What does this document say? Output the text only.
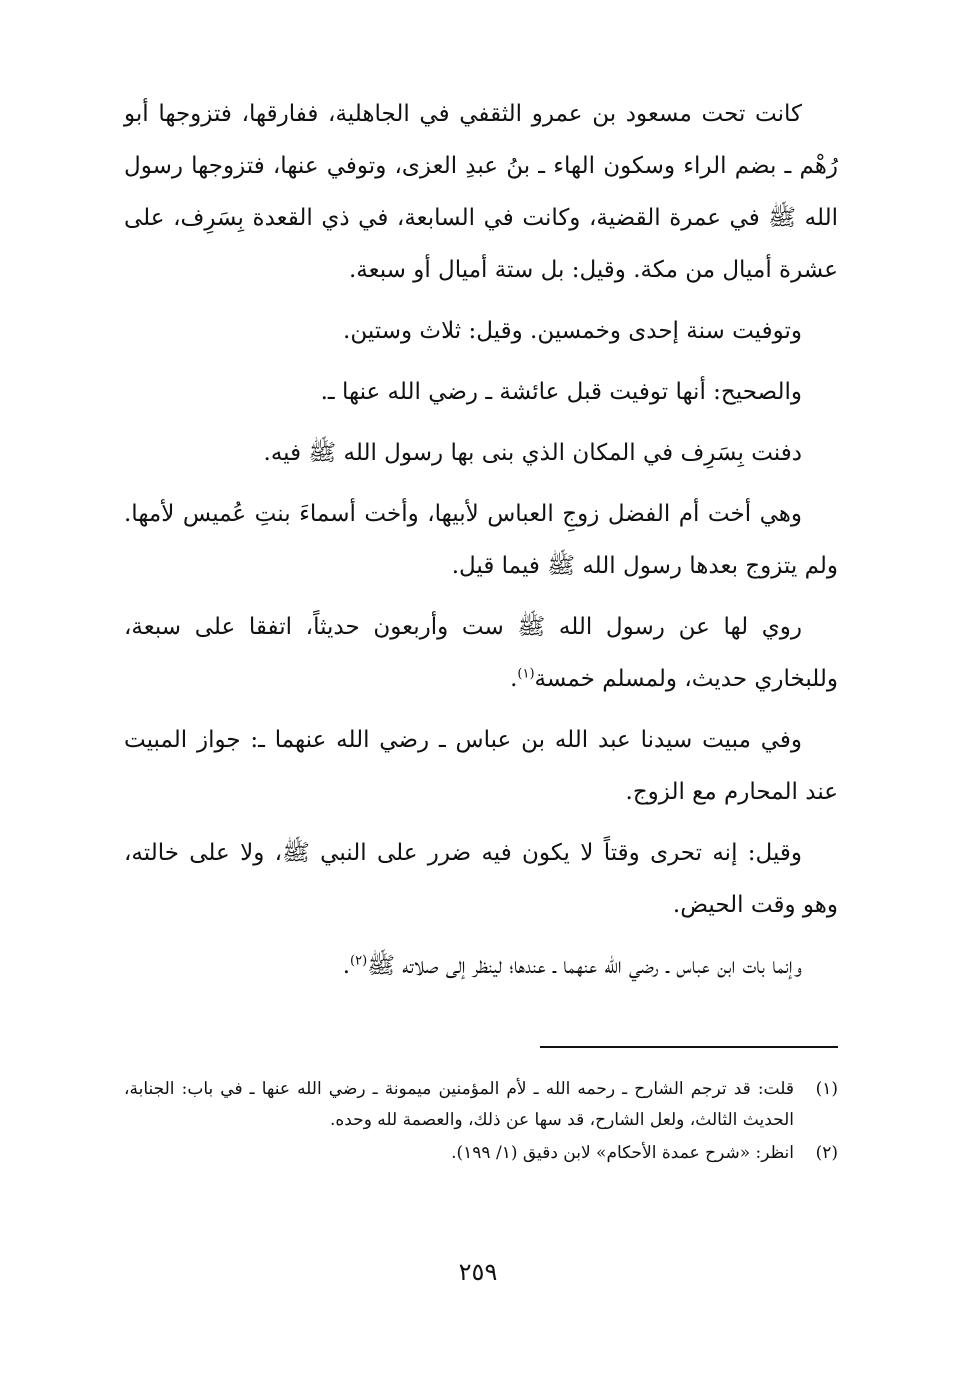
كانت تحت مسعود بن عمرو الثقفي في الجاهلية، ففارقها، فتزوجها أبو رُهْم ـ بضم الراء وسكون الهاء ـ بنُ عبدِ العزى، وتوفي عنها، فتزوجها رسول الله ﷺ في عمرة القضية، وكانت في السابعة، في ذي القعدة بِسَرِف، على عشرة أميال من مكة. وقيل: بل ستة أميال أو سبعة.

وتوفيت سنة إحدى وخمسين. وقيل: ثلاث وستين.

والصحيح: أنها توفيت قبل عائشة ـ رضي الله عنها ـ.

دفنت بِسَرِف في المكان الذي بنى بها رسول الله ﷺ فيه.

وهي أخت أم الفضل زوجِ العباس لأبيها، وأخت أسماءَ بنتِ عُميس لأمها. ولم يتزوج بعدها رسول الله ﷺ فيما قيل.

روي لها عن رسول الله ﷺ ست وأربعون حديثاً، اتفقا على سبعة، وللبخاري حديث، ولمسلم خمسة$^{(١)}$.

وفي مبيت سيدنا عبد الله بن عباس ـ رضي الله عنهما ـ: جواز المبيت عند المحارم مع الزوج.

وقيل: إنه تحرى وقتاً لا يكون فيه ضرر على النبي ﷺ، ولا على خالته، وهو وقت الحيض.

وإنما بات ابن عباس ـ رضي الله عنهما ـ عندها؛ لينظر إلى صلاته ﷺ$^{(٢)}$.

(١)
قلت: قد ترجم الشارح ـ رحمه الله ـ لأم المؤمنين ميمونة ـ رضي الله عنها ـ في باب: الجنابة، الحديث الثالث، ولعل الشارح، قد سها عن ذلك، والعصمة لله وحده.
(٢)
انظر: «شرح عمدة الأحكام» لابن دقيق (١/ ١٩٩).
٢٥٩
